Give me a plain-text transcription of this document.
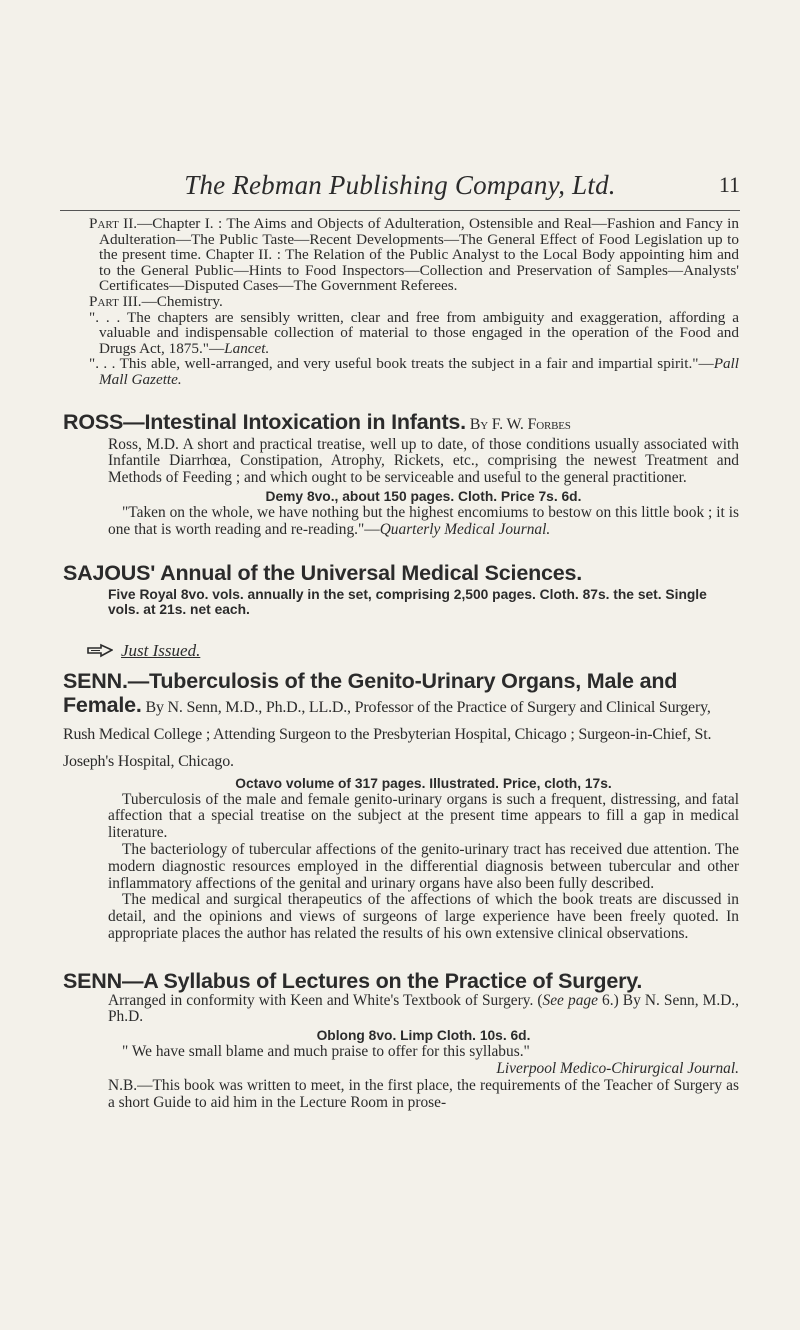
The Rebman Publishing Company, Ltd.	11

Part II.—Chapter I. : The Aims and Objects of Adulteration, Ostensible and Real—Fashion and Fancy in Adulteration—The Public Taste—Recent Developments—The General Effect of Food Legislation up to the present time. Chapter II. : The Relation of the Public Analyst to the Local Body appointing him and to the General Public—Hints to Food Inspectors—Collection and Preservation of Samples—Analysts' Certificates—Disputed Cases—The Government Referees.

Part III.—Chemistry.

". . . The chapters are sensibly written, clear and free from ambiguity and exaggeration, affording a valuable and indispensable collection of material to those engaged in the operation of the Food and Drugs Act, 1875."—Lancet.

". . . This able, well-arranged, and very useful book treats the subject in a fair and impartial spirit."—Pall Mall Gazette.

ROSS—Intestinal Intoxication in Infants. By F. W. Forbes

Ross, M.D. A short and practical treatise, well up to date, of those conditions usually associated with Infantile Diarrhœa, Constipation, Atrophy, Rickets, etc., comprising the newest Treatment and Methods of Feeding ; and which ought to be serviceable and useful to the general practitioner.

Demy 8vo., about 150 pages. Cloth. Price 7s. 6d.

"Taken on the whole, we have nothing but the highest encomiums to bestow on this little book ; it is one that is worth reading and re-reading."—Quarterly Medical Journal.

SAJOUS' Annual of the Universal Medical Sciences.
Five Royal 8vo. vols. annually in the set, comprising 2,500 pages. Cloth. 87s. the set. Single vols. at 21s. net each.
Just Issued.
SENN.—Tuberculosis of the Genito-Urinary Organs, Male and Female. By N. Senn, M.D., Ph.D., LL.D., Professor of the Practice of Surgery and Clinical Surgery, Rush Medical College ; Attending Surgeon to the Presbyterian Hospital, Chicago ; Surgeon-in-Chief, St. Joseph's Hospital, Chicago.
Octavo volume of 317 pages. Illustrated. Price, cloth, 17s.

Tuberculosis of the male and female genito-urinary organs is such a frequent, distressing, and fatal affection that a special treatise on the subject at the present time appears to fill a gap in medical literature.

The bacteriology of tubercular affections of the genito-urinary tract has received due attention. The modern diagnostic resources employed in the differential diagnosis between tubercular and other inflammatory affections of the genital and urinary organs have also been fully described.

The medical and surgical therapeutics of the affections of which the book treats are discussed in detail, and the opinions and views of surgeons of large experience have been freely quoted. In appropriate places the author has related the results of his own extensive clinical observations.

SENN—A Syllabus of Lectures on the Practice of Surgery.

Arranged in conformity with Keen and White's Textbook of Surgery. (See page 6.) By N. Senn, M.D., Ph.D.

Oblong 8vo. Limp Cloth. 10s. 6d.

" We have small blame and much praise to offer for this syllabus."

Liverpool Medico-Chirurgical Journal.

N.B.—This book was written to meet, in the first place, the requirements of the Teacher of Surgery as a short Guide to aid him in the Lecture Room in prose-
